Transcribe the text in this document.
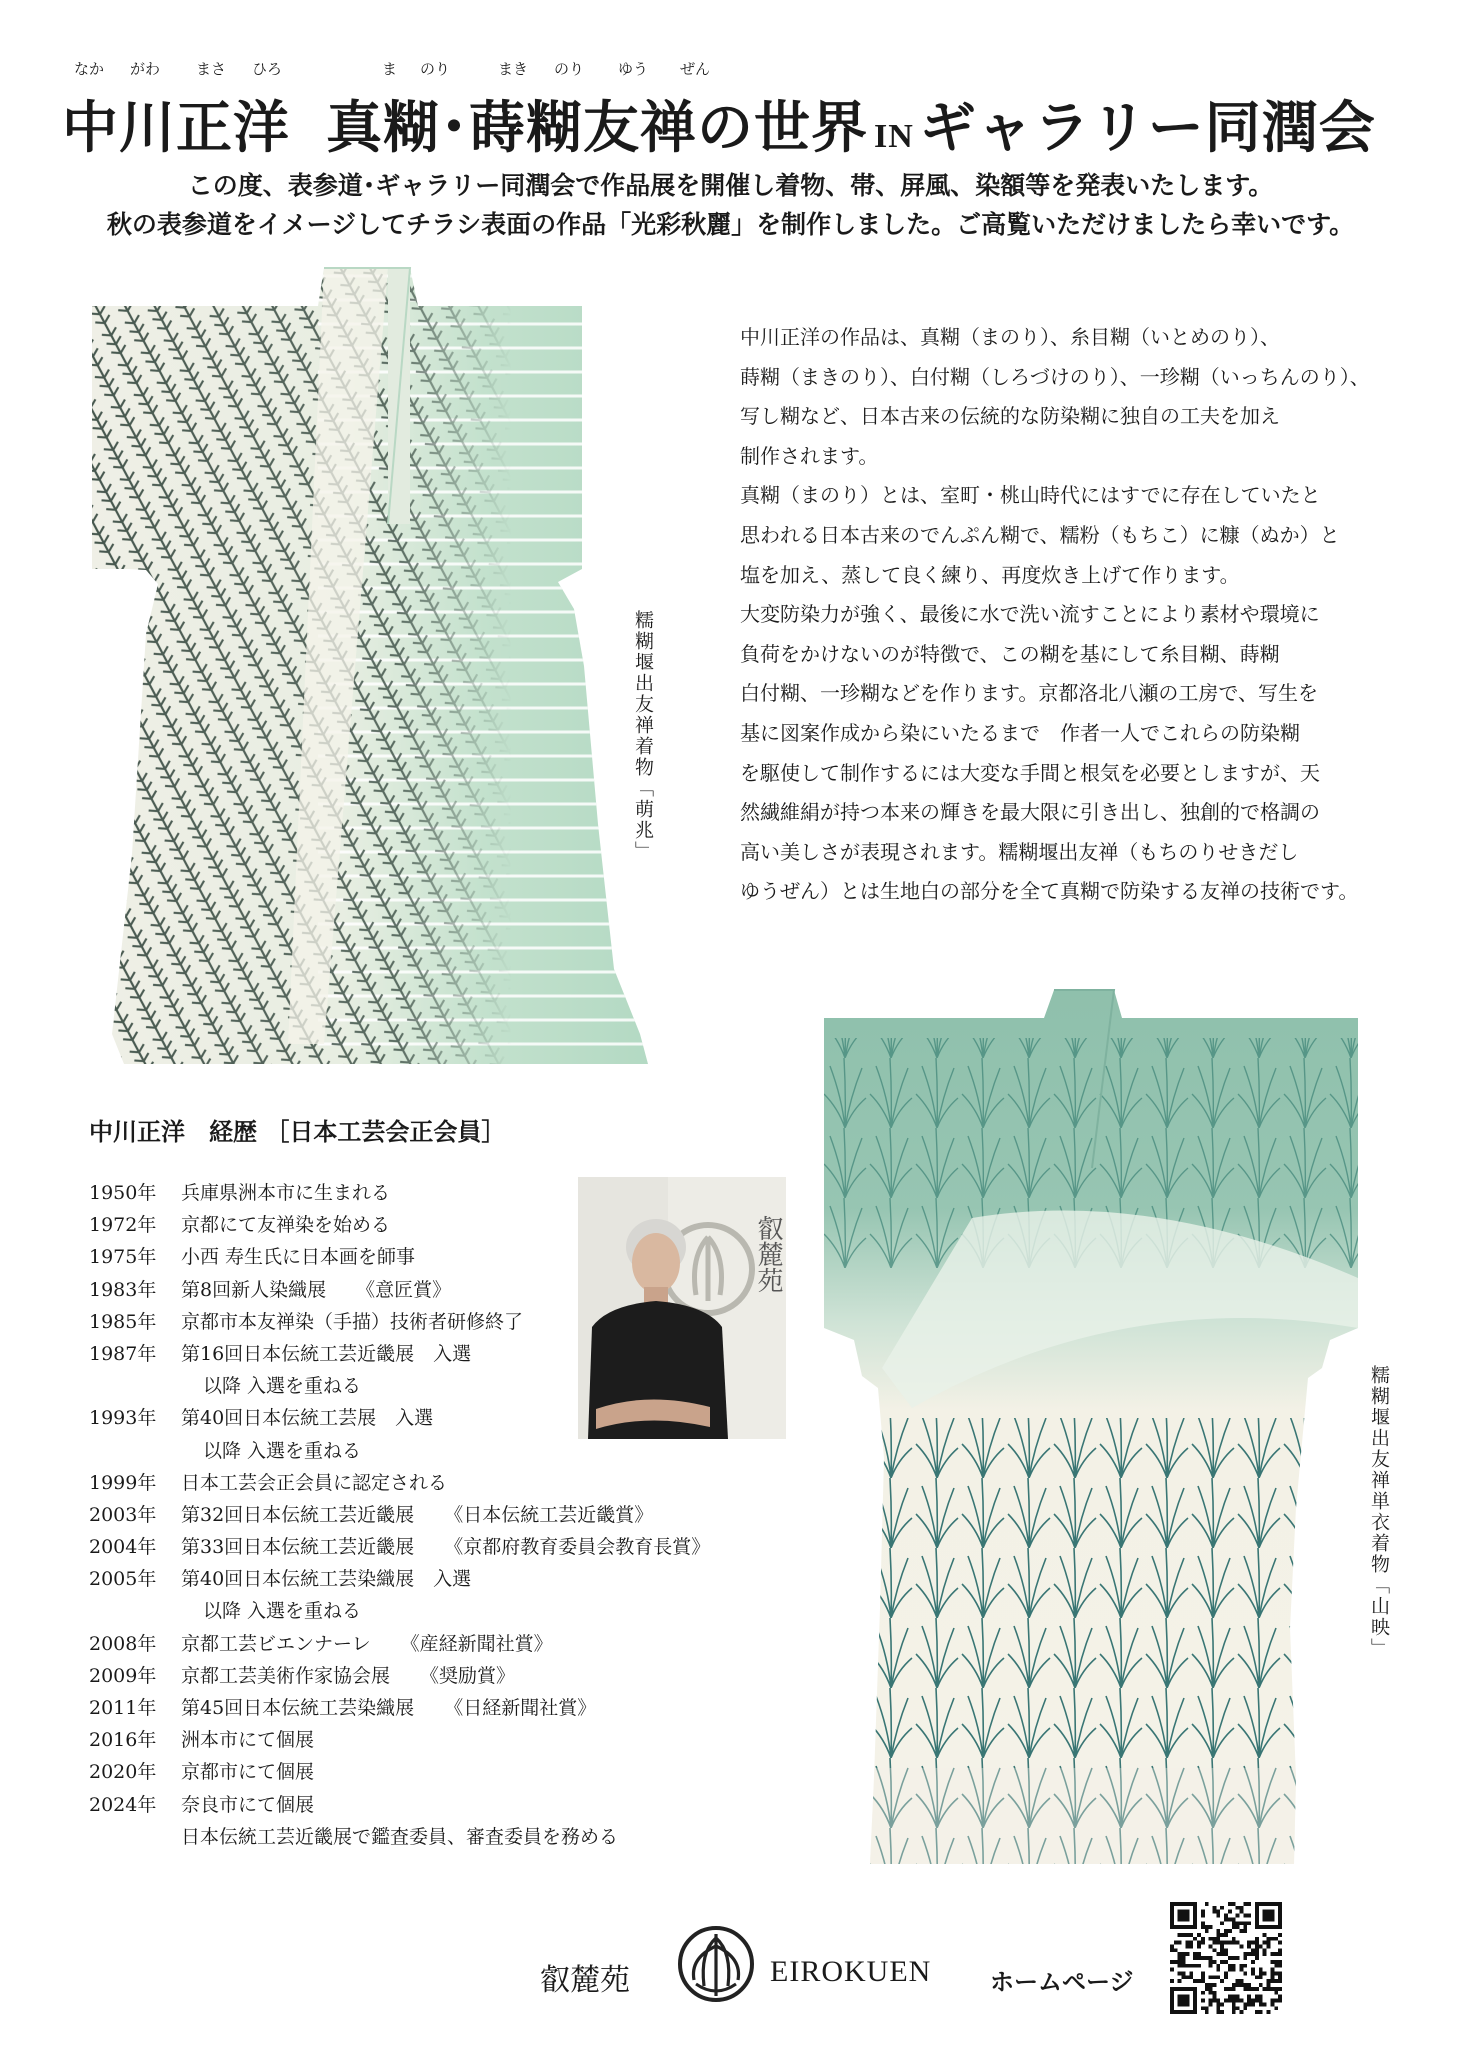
なか がわ まさ ひろ	ま のり	まき のり ゆう ぜん
中川正洋 真糊･蒔糊友禅の世界 IN ギャラリー同潤会
この度、表参道･ギャラリー同潤会で作品展を開催し着物、帯、屏風、染額等を発表いたします。
秋の表参道をイメージしてチラシ表面の作品「光彩秋麗」を制作しました。ご高覧いただけましたら幸いです。
糯糊堰出友禅着物「萌兆」

中川正洋の作品は、真糊（まのり）、糸目糊（いとめのり）、

蒔糊（まきのり）、白付糊（しろづけのり）、一珍糊（いっちんのり）、

写し糊など、日本古来の伝統的な防染糊に独自の工夫を加え

制作されます。

真糊（まのり）とは、室町・桃山時代にはすでに存在していたと

思われる日本古来のでんぷん糊で、糯粉（もちこ）に糠（ぬか）と

塩を加え、蒸して良く練り、再度炊き上げて作ります。

大変防染力が強く、最後に水で洗い流すことにより素材や環境に

負荷をかけないのが特徴で、この糊を基にして糸目糊、蒔糊

白付糊、一珍糊などを作ります。京都洛北八瀬の工房で、写生を

基に図案作成から染にいたるまで　作者一人でこれらの防染糊

を駆使して制作するには大変な手間と根気を必要としますが、天

然繊維絹が持つ本来の輝きを最大限に引き出し、独創的で格調の

高い美しさが表現されます。糯糊堰出友禅（もちのりせきだし

ゆうぜん）とは生地白の部分を全て真糊で防染する友禅の技術です。

糯糊堰出友禅単衣着物「山映」
中川正洋　経歴 ［日本工芸会正会員］
1950年	兵庫県洲本市に生まれる
1972年	京都にて友禅染を始める
1975年	小西 寿生氏に日本画を師事
1983年	第8回新人染織展 《意匠賞》
1985年	京都市本友禅染（手描）技術者研修終了
1987年	第16回日本伝統工芸近畿展　入選
以降 入選を重ねる
1993年	第40回日本伝統工芸展　入選
以降 入選を重ねる
1999年	日本工芸会正会員に認定される
2003年	第32回日本伝統工芸近畿展 《日本伝統工芸近畿賞》
2004年	第33回日本伝統工芸近畿展 《京都府教育委員会教育長賞》
2005年	第40回日本伝統工芸染織展　入選
以降 入選を重ねる
2008年	京都工芸ビエンナーレ 《産経新聞社賞》
2009年	京都工芸美術作家協会展 《奨励賞》
2011年	第45回日本伝統工芸染織展 《日経新聞社賞》
2016年	洲本市にて個展
2020年	京都市にて個展
2024年	奈良市にて個展
日本伝統工芸近畿展で鑑査委員、審査委員を務める
叡麓苑
叡麓苑	EIROKUEN ホームページ
